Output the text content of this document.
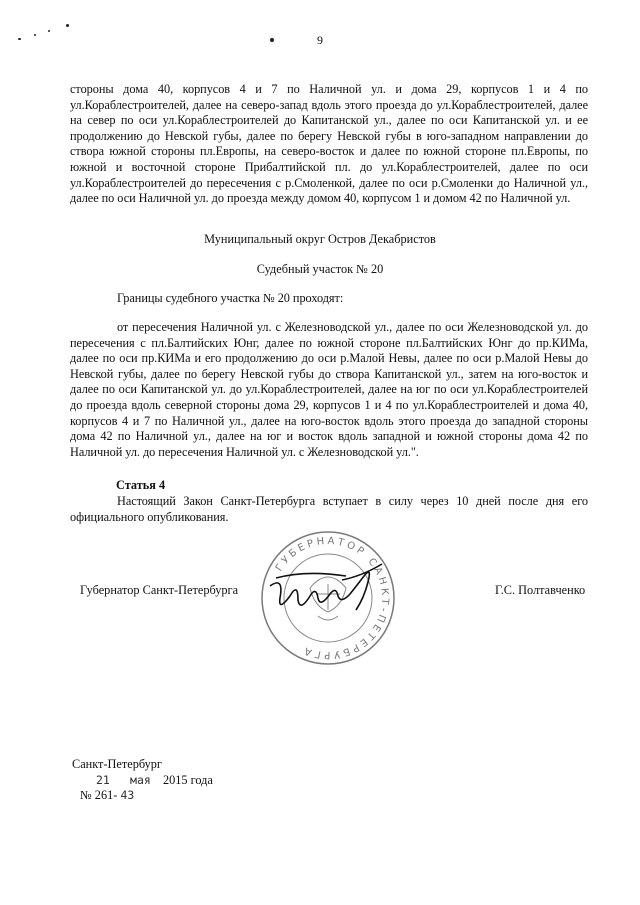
9
стороны дома 40, корпусов 4 и 7 по Наличной ул. и дома 29, корпусов 1 и 4 по ул.Кораблестроителей, далее на северо-запад вдоль этого проезда до ул.Кораблестроителей, далее на север по оси ул.Кораблестроителей до Капитанской ул., далее по оси Капитанской ул. и ее продолжению до Невской губы, далее по берегу Невской губы в юго-западном направлении до створа южной стороны пл.Европы, на северо-восток и далее по южной стороне пл.Европы, по южной и восточной стороне Прибалтийской пл. до ул.Кораблестроителей, далее по оси ул.Кораблестроителей до пересечения с р.Смоленкой, далее по оси р.Смоленки до Наличной ул., далее по оси Наличной ул. до проезда между домом 40, корпусом 1 и домом 42 по Наличной ул.
Муниципальный округ Остров Декабристов
Судебный участок № 20
Границы судебного участка № 20 проходят:
от пересечения Наличной ул. с Железноводской ул., далее по оси Железноводской ул. до пересечения с пл.Балтийских Юнг, далее по южной стороне пл.Балтийских Юнг до пр.КИМа, далее по оси пр.КИМа и его продолжению до оси р.Малой Невы, далее по оси р.Малой Невы до Невской губы, далее по берегу Невской губы до створа Капитанской ул., затем на юго-восток и далее по оси Капитанской ул. до ул.Кораблестроителей, далее на юг по оси ул.Кораблестроителей до проезда вдоль северной стороны дома 29, корпусов 1 и 4 по ул.Кораблестроителей и дома 40, корпусов 4 и 7 по Наличной ул., далее на юго-восток вдоль этого проезда до западной стороны дома 42 по Наличной ул., далее на юг и восток вдоль западной и южной стороны дома 42 по Наличной ул. до пересечения Наличной ул. с Железноводской ул.".
Статья 4
Настоящий Закон Санкт-Петербурга вступает в силу через 10 дней после дня его официального опубликования.
ГУБЕРНАТОР САНКТ-ПЕТЕРБУРГА
Губернатор Санкт-Петербурга	Г.С. Полтавченко
Санкт-Петербург
21 мая 2015 года
№ 261- 43
